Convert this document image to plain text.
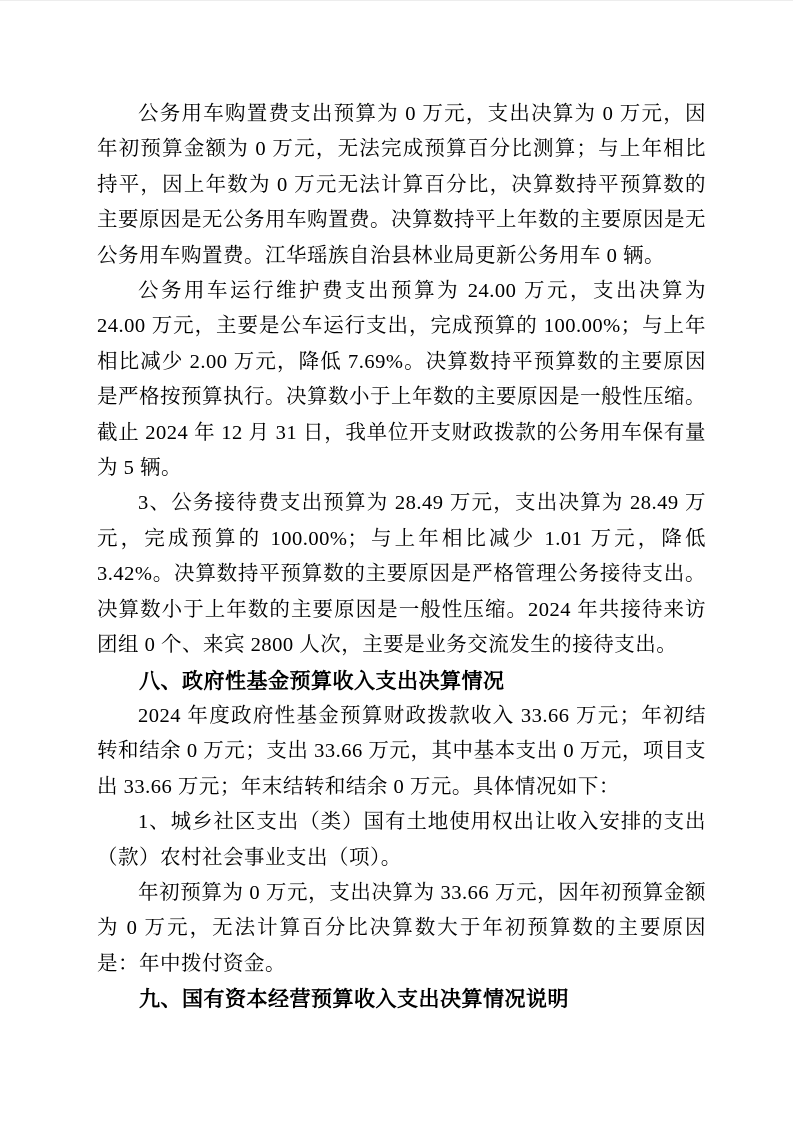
公务用车购置费支出预算为 0 万元，支出决算为 0 万元，因年初预算金额为 0 万元，无法完成预算百分比测算；与上年相比持平，因上年数为 0 万元无法计算百分比，决算数持平预算数的主要原因是无公务用车购置费。决算数持平上年数的主要原因是无公务用车购置费。江华瑶族自治县林业局更新公务用车 0 辆。

公务用车运行维护费支出预算为 24.00 万元，支出决算为 24.00 万元，主要是公车运行支出，完成预算的 100.00%；与上年相比减少 2.00 万元，降低 7.69%。决算数持平预算数的主要原因是严格按预算执行。决算数小于上年数的主要原因是一般性压缩。截止 2024 年 12 月 31 日，我单位开支财政拨款的公务用车保有量为 5 辆。

3、公务接待费支出预算为 28.49 万元，支出决算为 28.49 万元，完成预算的 100.00%；与上年相比减少 1.01 万元，降低 3.42%。决算数持平预算数的主要原因是严格管理公务接待支出。决算数小于上年数的主要原因是一般性压缩。2024 年共接待来访团组 0 个、来宾 2800 人次，主要是业务交流发生的接待支出。

八、政府性基金预算收入支出决算情况

2024 年度政府性基金预算财政拨款收入 33.66 万元；年初结转和结余 0 万元；支出 33.66 万元，其中基本支出 0 万元，项目支出 33.66 万元；年末结转和结余 0 万元。具体情况如下：

1、城乡社区支出（类）国有土地使用权出让收入安排的支出（款）农村社会事业支出（项）。

年初预算为 0 万元，支出决算为 33.66 万元，因年初预算金额为 0 万元，无法计算百分比决算数大于年初预算数的主要原因是：年中拨付资金。

九、国有资本经营预算收入支出决算情况说明
